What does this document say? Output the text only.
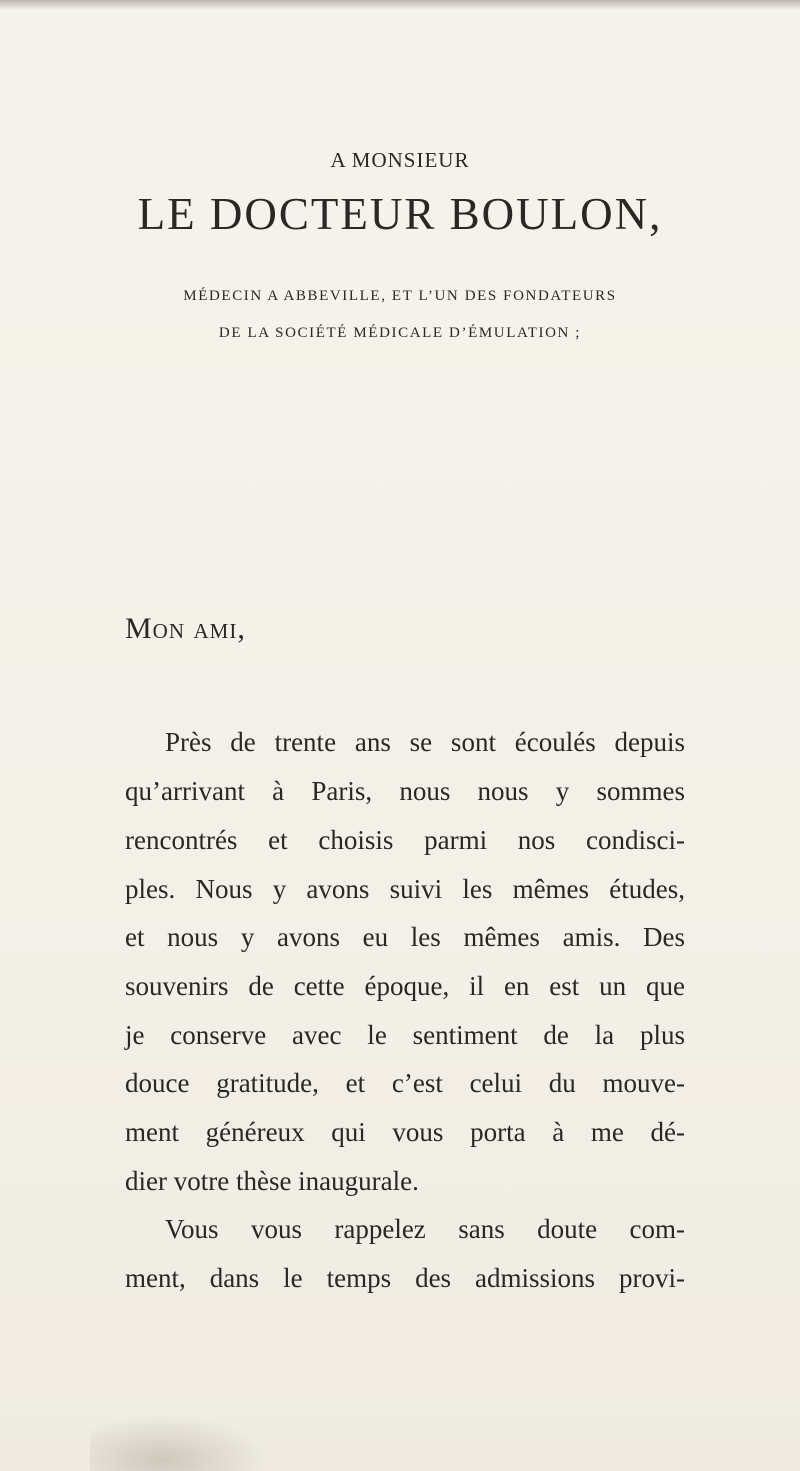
A MONSIEUR
LE DOCTEUR BOULON,
MÉDECIN A ABBEVILLE, ET L’UN DES FONDATEURS
DE LA SOCIÉTÉ MÉDICALE D’ÉMULATION ;
Mon ami,
Près de trente ans se sont écoulés depuis
qu’arrivant à Paris, nous nous y sommes
rencontrés et choisis parmi nos condisci-
ples. Nous y avons suivi les mêmes études,
et nous y avons eu les mêmes amis. Des
souvenirs de cette époque, il en est un que
je conserve avec le sentiment de la plus
douce gratitude, et c’est celui du mouve-
ment généreux qui vous porta à me dé-
dier votre thèse inaugurale.
Vous vous rappelez sans doute com-
ment, dans le temps des admissions provi-
